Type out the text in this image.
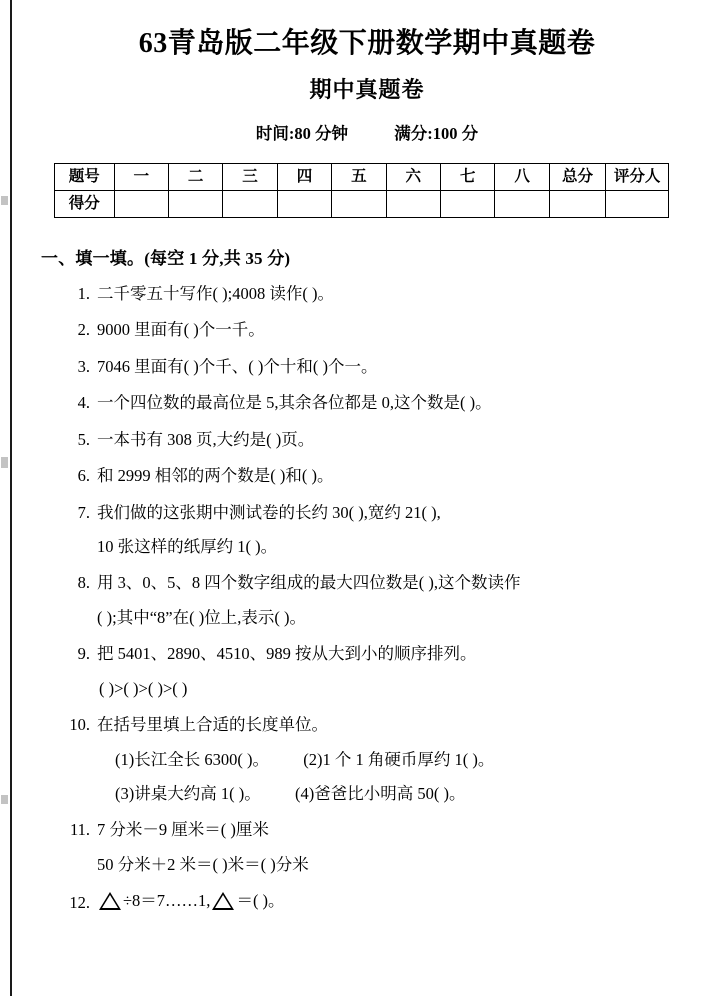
63青岛版二年级下册数学期中真题卷
期中真题卷

时间:80 分钟	满分:100 分

题号	一	二	三	四	五	六	七	八	总分	评分人
得分										
一、填一填。(每空 1 分,共 35 分)
1. 二千零五十写作( );4008 读作( )。
2. 9000 里面有( )个一千。
3. 7046 里面有( )个千、( )个十和( )个一。
4. 一个四位数的最高位是 5,其余各位都是 0,这个数是( )。
5. 一本书有 308 页,大约是( )页。
6. 和 2999 相邻的两个数是( )和( )。
7. 我们做的这张期中测试卷的长约 30( ),宽约 21( ),
10 张这样的纸厚约 1( )。
8. 用 3、0、5、8 四个数字组成的最大四位数是( ),这个数读作
( );其中“8”在( )位上,表示( )。
9. 把 5401、2890、4510、989 按从大到小的顺序排列。
( )>( )>( )>( )
10. 在括号里填上合适的长度单位。
(1)长江全长 6300( )。 (2)1 个 1 角硬币厚约 1( )。
(3)讲桌大约高 1( )。 (4)爸爸比小明高 50( )。
11. 7 分米－9 厘米＝( )厘米
50 分米＋2 米＝( )米＝( )分米
12.	÷8＝7……1, ＝( )。
